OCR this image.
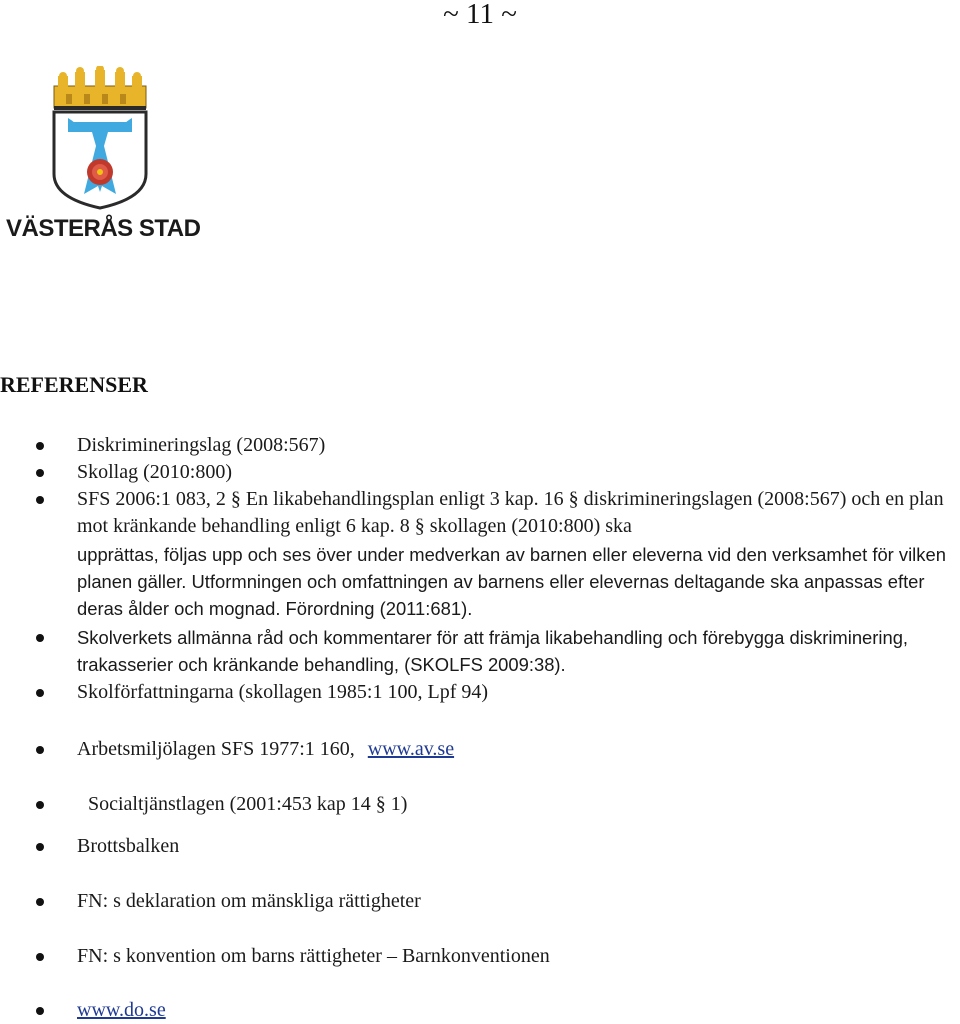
~ 11 ~
VÄSTERÅS STAD
REFERENSER
Diskrimineringslag (2008:567)
Skollag (2010:800)
SFS 2006:1 083, 2 § En likabehandlingsplan enligt 3 kap. 16 § diskrimineringslagen (2008:567) och en plan mot kränkande behandling enligt 6 kap. 8 § skollagen (2010:800) ska
upprättas, följas upp och ses över under medverkan av barnen eller eleverna vid den verksamhet för vilken planen gäller. Utformningen och omfattningen av barnens eller elevernas deltagande ska anpassas efter deras ålder och mognad. Förordning (2011:681).
Skolverkets allmänna råd och kommentarer för att främja likabehandling och förebygga diskriminering, trakasserier och kränkande behandling, (SKOLFS 2009:38).
Skolförfattningarna (skollagen 1985:1 100, Lpf 94)
Arbetsmiljölagen SFS 1977:1 160, www.av.se
Socialtjänstlagen (2001:453 kap 14 § 1)
Brottsbalken
FN: s deklaration om mänskliga rättigheter
FN: s konvention om barns rättigheter – Barnkonventionen
www.do.se
